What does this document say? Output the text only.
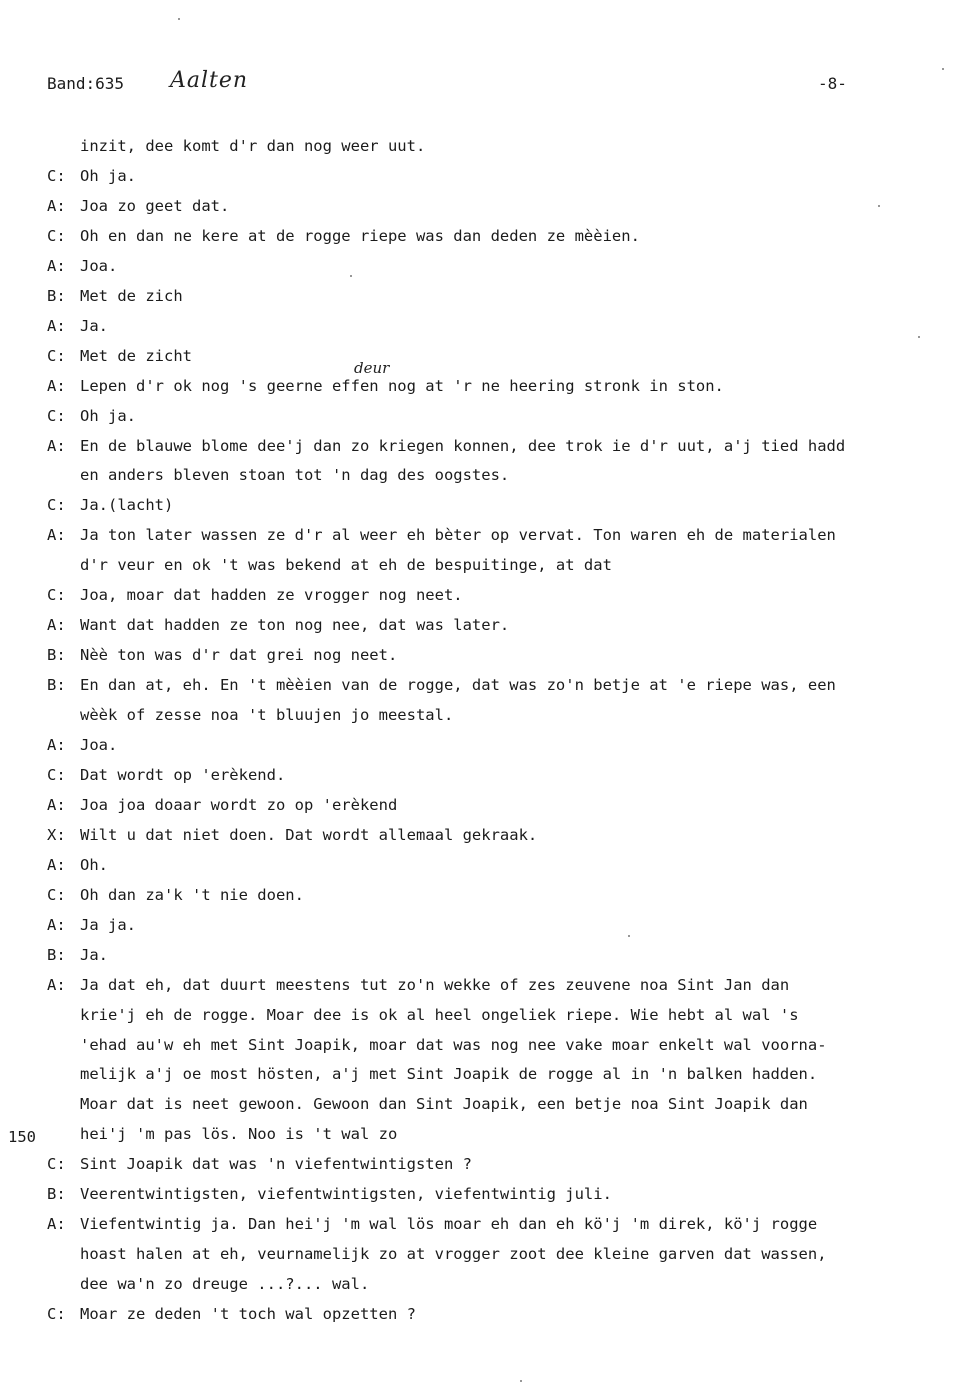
Band:635 Aalten	-8-
deur
150
inzit, dee komt d'r dan nog weer uut.
C: Oh ja.
A: Joa zo geet dat.
C: Oh en dan ne kere at de rogge riepe was dan deden ze mèèien.
A: Joa.
B: Met de zich
A: Ja.
C: Met de zicht
A: Lepen d'r ok nog 's geerne effen nog at 'r ne heering stronk in ston.
C: Oh ja.
A: En de blauwe blome dee'j dan zo kriegen konnen, dee trok ie d'r uut, a'j tied hadd
en anders bleven stoan tot 'n dag des oogstes.
C: Ja.(lacht)
A: Ja ton later wassen ze d'r al weer eh bèter op vervat. Ton waren eh de materialen
d'r veur en ok 't was bekend at eh de bespuitinge, at dat
C: Joa, moar dat hadden ze vrogger nog neet.
A: Want dat hadden ze ton nog nee, dat was later.
B: Nèè ton was d'r dat grei nog neet.
B: En dan at, eh. En 't mèèien van de rogge, dat was zo'n betje at 'e riepe was, een
wèèk of zesse noa 't bluujen jo meestal.
A: Joa.
C: Dat wordt op 'erèkend.
A: Joa joa doaar wordt zo op 'erèkend
X: Wilt u dat niet doen. Dat wordt allemaal gekraak.
A: Oh.
C: Oh dan za'k 't nie doen.
A: Ja ja.
B: Ja.
A: Ja dat eh, dat duurt meestens tut zo'n wekke of zes zeuvene noa Sint Jan dan
krie'j eh de rogge. Moar dee is ok al heel ongeliek riepe. Wie hebt al wal 's
'ehad au'w eh met Sint Joapik, moar dat was nog nee vake moar enkelt wal voorna-
melijk a'j oe most hösten, a'j met Sint Joapik de rogge al in 'n balken hadden.
Moar dat is neet gewoon. Gewoon dan Sint Joapik, een betje noa Sint Joapik dan
hei'j 'm pas lös. Noo is 't wal zo
C: Sint Joapik dat was 'n viefentwintigsten ?
B: Veerentwintigsten, viefentwintigsten, viefentwintig juli.
A: Viefentwintig ja. Dan hei'j 'm wal lös moar eh dan eh kö'j 'm direk, kö'j rogge
hoast halen at eh, veurnamelijk zo at vrogger zoot dee kleine garven dat wassen,
dee wa'n zo dreuge ...?... wal.
C: Moar ze deden 't toch wal opzetten ?
